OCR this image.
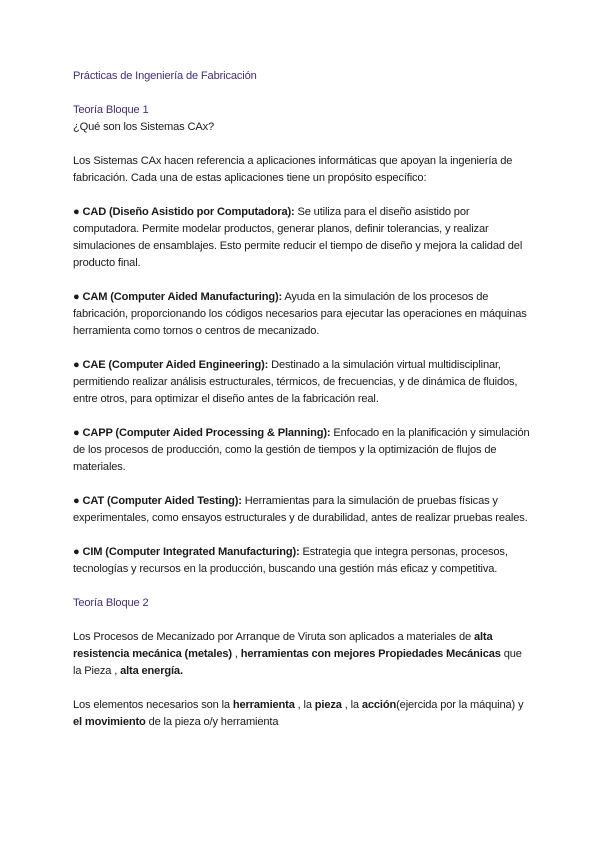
Prácticas de Ingeniería de Fabricación
Teoría Bloque 1
¿Qué son los Sistemas CAx?
Los Sistemas CAx hacen referencia a aplicaciones informáticas que apoyan la ingeniería de fabricación. Cada una de estas aplicaciones tiene un propósito específico:
● CAD (Diseño Asistido por Computadora): Se utiliza para el diseño asistido por computadora. Permite modelar productos, generar planos, definir tolerancias, y realizar simulaciones de ensamblajes. Esto permite reducir el tiempo de diseño y mejora la calidad del producto final.
● CAM (Computer Aided Manufacturing): Ayuda en la simulación de los procesos de fabricación, proporcionando los códigos necesarios para ejecutar las operaciones en máquinas herramienta como tornos o centros de mecanizado.
● CAE (Computer Aided Engineering): Destinado a la simulación virtual multidisciplinar, permitiendo realizar análisis estructurales, térmicos, de frecuencias, y de dinámica de fluidos, entre otros, para optimizar el diseño antes de la fabricación real.
● CAPP (Computer Aided Processing & Planning): Enfocado en la planificación y simulación de los procesos de producción, como la gestión de tiempos y la optimización de flujos de materiales.
● CAT (Computer Aided Testing): Herramientas para la simulación de pruebas físicas y experimentales, como ensayos estructurales y de durabilidad, antes de realizar pruebas reales.
● CIM (Computer Integrated Manufacturing): Estrategia que integra personas, procesos, tecnologías y recursos en la producción, buscando una gestión más eficaz y competitiva.
Teoría Bloque 2
Los Procesos de Mecanizado por Arranque de Viruta son aplicados a materiales de alta resistencia mecánica (metales) , herramientas con mejores Propiedades Mecánicas que la Pieza , alta energía.
Los elementos necesarios son la herramienta , la pieza , la acción(ejercida por la máquina) y el movimiento de la pieza o/y herramienta
